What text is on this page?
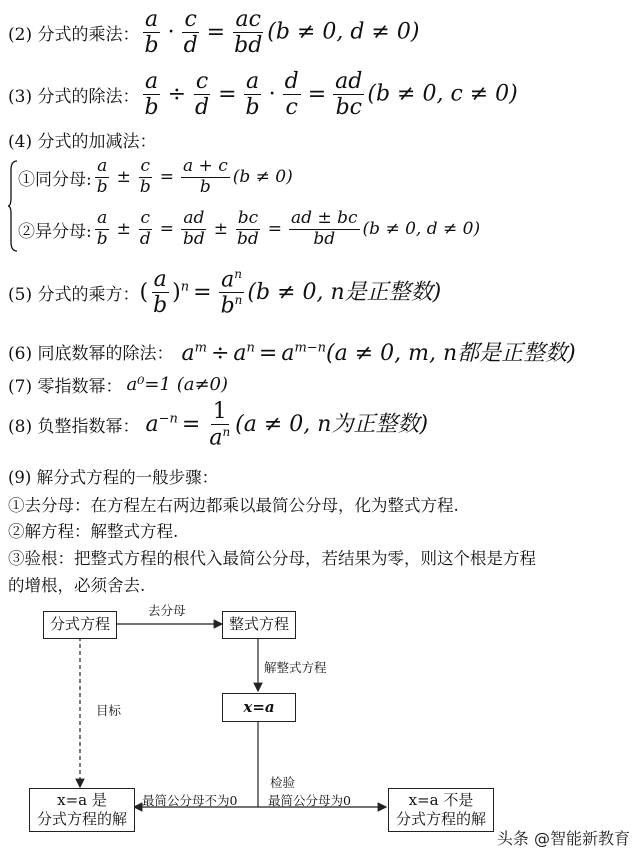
(2) 分式的乘法： $\frac{a}{b} \cdot \frac{c}{d} = \frac{ac}{bd} (b \ne 0$, d ≠ 0)
(3) 分式的除法： $\frac{a}{b} \div \frac{c}{d} = \frac{a}{b} \cdot \frac{d}{c} = \frac{ad}{bc} (b \ne 0$, c ≠ 0)
(4) 分式的加减法：
①同分母: $\frac{a}{b} \pm \frac{c}{b} = \frac{a + c}{b} (b \ne 0)$
②异分母: $\frac{a}{b} \pm \frac{c}{d} = \frac{ad}{bd} \pm \frac{bc}{bd} = \frac{ad \pm bc}{bd} (b \ne 0$, d ≠ 0)
(5) 分式的乘方： ( $\frac{a}{b} )^n = \frac{a^n}{b^n} (b \ne 0$, n是正整数)
(6) 同底数幂的除法： $a^m \div a^n = a^{m-n}(a \ne 0$, m, n都是正整数)
(7) 零指数幂： a⁰=1 (a≠0)
(8) 负整指数幂： $a^{-n} = \frac{1}{a^n} (a \ne 0$, n为正整数)
(9) 解分式方程的一般步骤：
①去分母：在方程左右两边都乘以最简公分母，化为整式方程.
②解方程：解整式方程.
③验根：把整式方程的根代入最简公分母，若结果为零，则这个根是方程
的增根，必须舍去.
分式方程	整式方程
x=a
x=a 是
分式方程的解
x=a 不是
分式方程的解
去分母
解整式方程
目标
检验
最简公分母不为0 最简公分母为0
头条 @智能新教育
